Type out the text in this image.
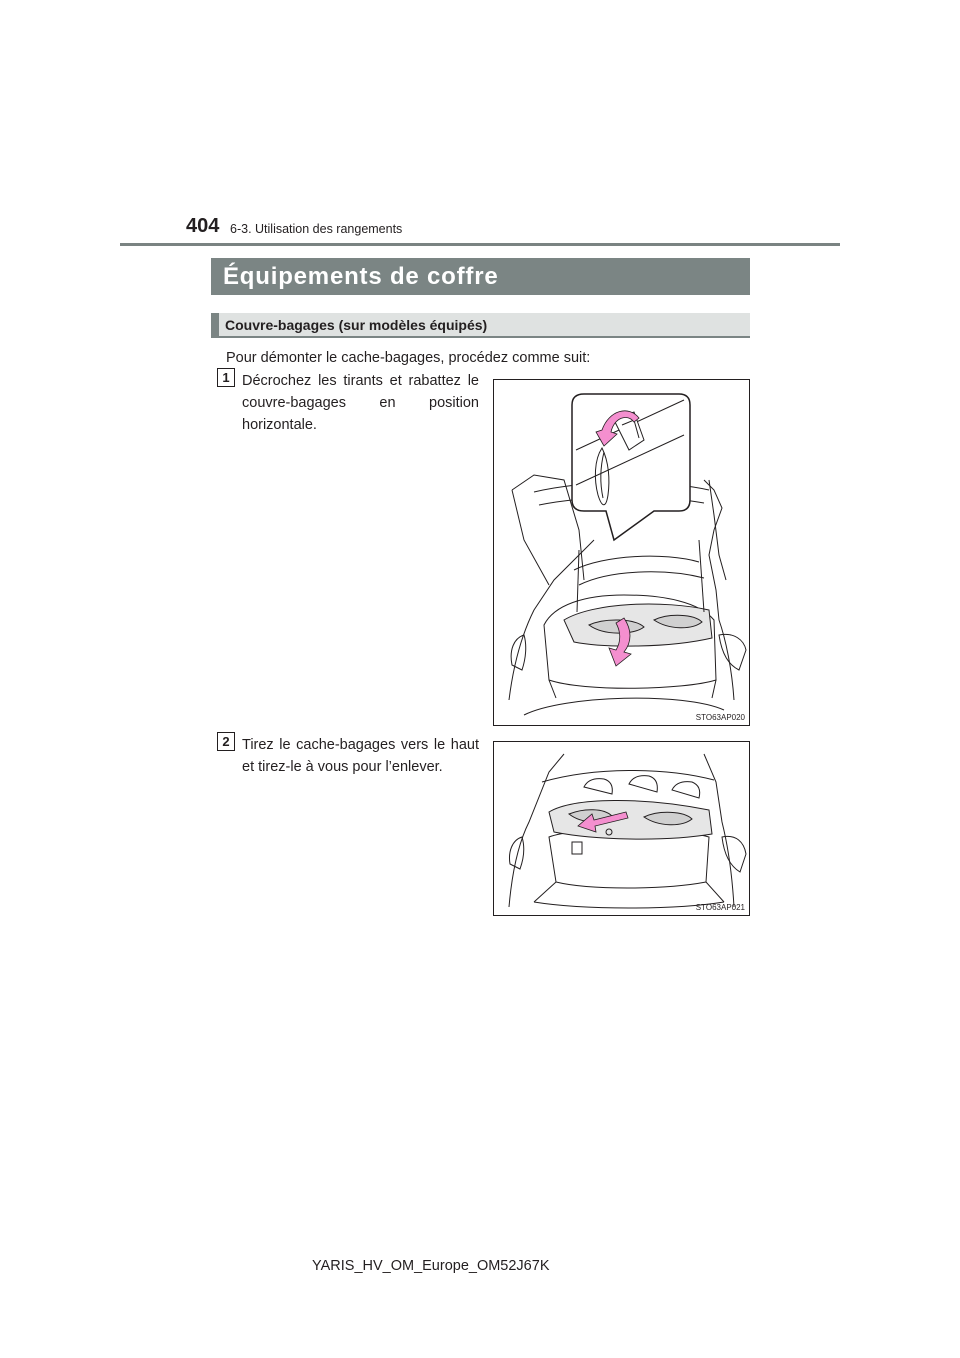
404 6-3. Utilisation des rangements
Équipements de coffre
Couvre-bagages (sur modèles équipés)
Pour démonter le cache-bagages, procédez comme suit:
1 Décrochez les tirants et rabattez le couvre-bagages en position horizontale.
STO63AP020
2 Tirez le cache-bagages vers le haut et tirez-le à vous pour l’enlever.
STO63AP021
YARIS_HV_OM_Europe_OM52J67K
